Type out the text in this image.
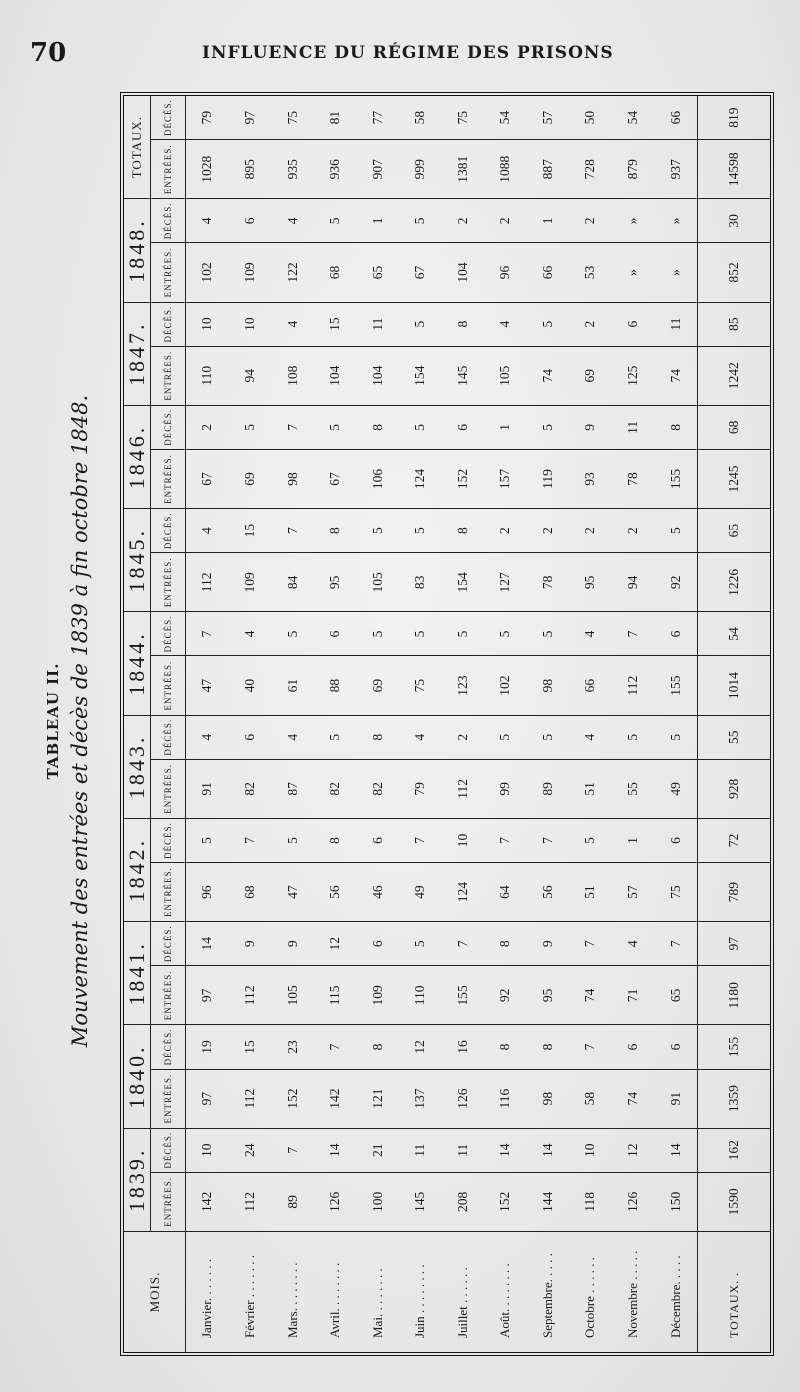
70	INFLUENCE DU RÉGIME DES PRISONS
TABLEAU II. Mouvement des entrées et décès de 1839 à fin octobre 1848.
MOIS.	1839.		1840.		1841.		1842.		1843.		1844.		1845.		1846.		1847.		1848.		TOTAUX.	
	ENTRÉES.	DÉCÈS.	ENTRÉES.	DÉCÈS.	ENTRÉES.	DÉCÈS.	ENTRÉES.	DÉCÈS.	ENTRÉES.	DÉCÈS.	ENTRÉES.	DÉCÈS.	ENTRÉES.	DÉCÈS.	ENTRÉES.	DÉCÈS.	ENTRÉES.	DÉCÈS.	ENTRÉES.	DÉCÈS.	ENTRÉES.	DÉCÈS.
Janvier. . . . . . .	142	10	97	19	97	14	96	5	91	4	47	7	112	4	67	2	110	10	102	4	1028	79
Février . . . . . . .	112	24	112	15	112	9	68	7	82	6	40	4	109	15	69	5	94	10	109	6	895	97
Mars. . . . . . . .	89	7	152	23	105	9	47	5	87	4	61	5	84	7	98	7	108	4	122	4	935	75
Avril. . . . . . . .	126	14	142	7	115	12	56	8	82	5	88	6	95	8	67	5	104	15	68	5	936	81
Mai. . . . . . . .	100	21	121	8	109	6	46	6	82	8	69	5	105	5	106	8	104	11	65	1	907	77
Juin . . . . . . . .	145	11	137	12	110	5	49	7	79	4	75	5	83	5	124	5	154	5	67	5	999	58
Juillet . . . . . .	208	11	126	16	155	7	124	10	112	2	123	5	154	8	152	6	145	8	104	2	1381	75
Août. . . . . . . .	152	14	116	8	92	8	64	7	99	5	102	5	127	2	157	1	105	4	96	2	1088	54
Septembre. . . . .	144	14	98	8	95	9	56	7	89	5	98	5	78	2	119	5	74	5	66	1	887	57
Octobre . . . . . .	118	10	58	7	74	7	51	5	51	4	66	4	95	2	93	9	69	2	53	2	728	50
Novembre . . . . .	126	12	74	6	71	4	57	1	55	5	112	7	94	2	78	11	125	6	»	»	879	54
Décembre. . . . .	150	14	91	6	65	7	75	6	49	5	155	6	92	5	155	8	74	11	»	»	937	66
TOTAUX. .	1590	162	1359	155	1180	97	789	72	928	55	1014	54	1226	65	1245	68	1242	85	852	30	14598	819
